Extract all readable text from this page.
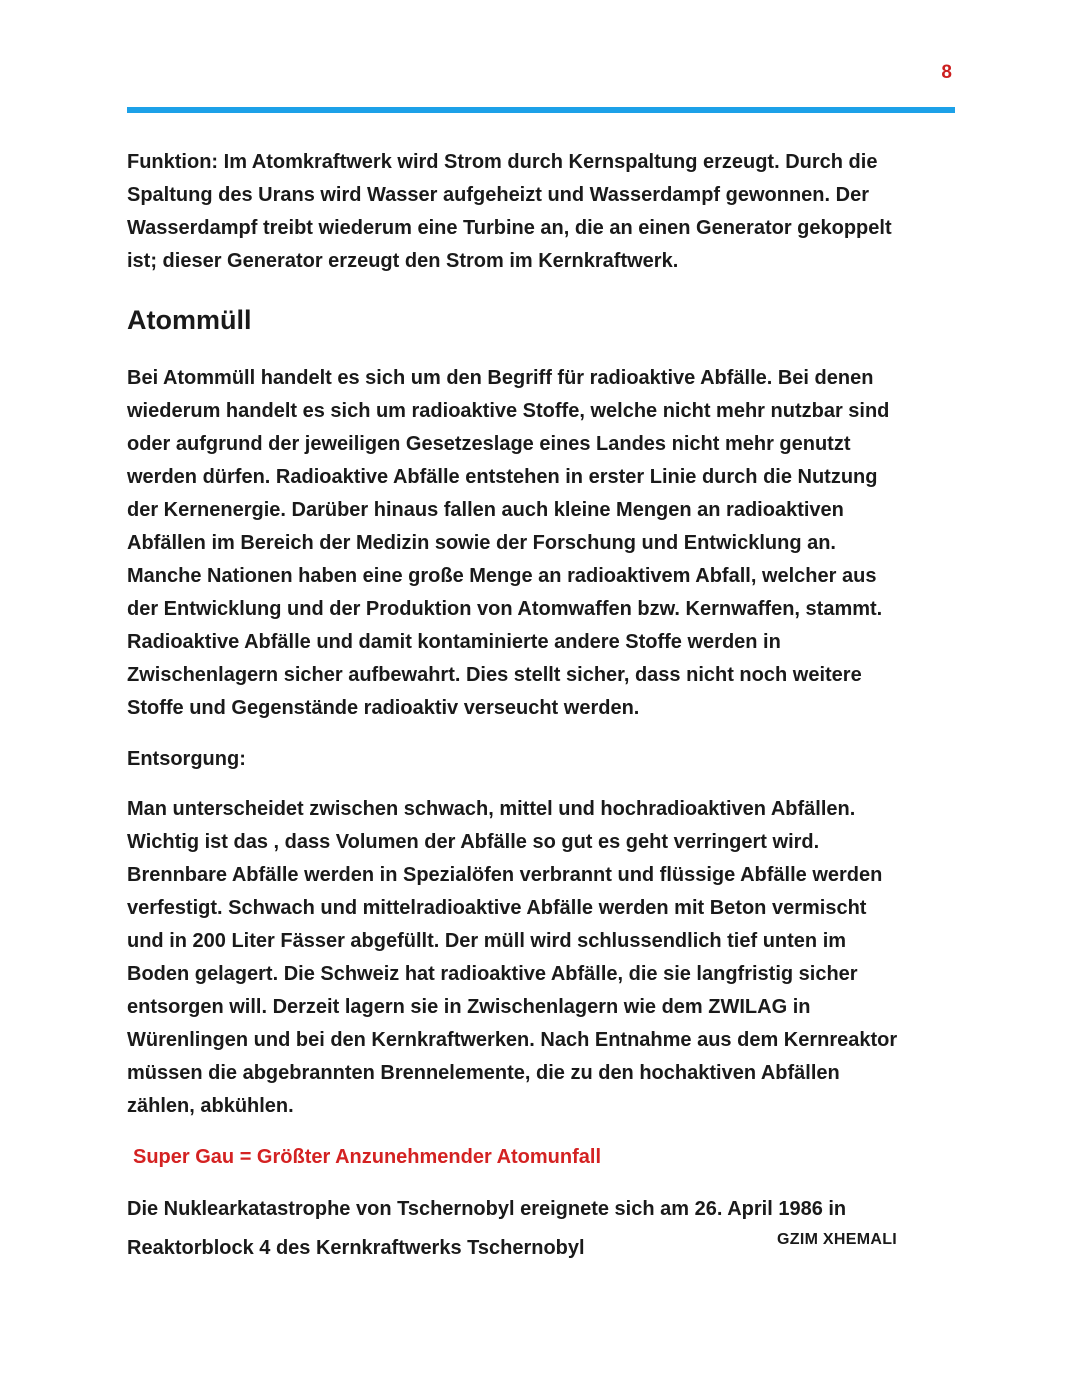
8
Funktion: Im Atomkraftwerk wird Strom durch Kernspaltung erzeugt. Durch die
Spaltung des Urans wird Wasser aufgeheizt und Wasserdampf gewonnen. Der
Wasserdampf treibt wiederum eine Turbine an, die an einen Generator gekoppelt
ist; dieser Generator erzeugt den Strom im Kernkraftwerk.
Atommüll
Bei Atommüll handelt es sich um den Begriff für radioaktive Abfälle. Bei denen
wiederum handelt es sich um radioaktive Stoffe, welche nicht mehr nutzbar sind
oder aufgrund der jeweiligen Gesetzeslage eines Landes nicht mehr genutzt
werden dürfen. Radioaktive Abfälle entstehen in erster Linie durch die Nutzung
der Kernenergie. Darüber hinaus fallen auch kleine Mengen an radioaktiven
Abfällen im Bereich der Medizin sowie der Forschung und Entwicklung an.
Manche Nationen haben eine große Menge an radioaktivem Abfall, welcher aus
der Entwicklung und der Produktion von Atomwaffen bzw. Kernwaffen, stammt.
Radioaktive Abfälle und damit kontaminierte andere Stoffe werden in
Zwischenlagern sicher aufbewahrt. Dies stellt sicher, dass nicht noch weitere
Stoffe und Gegenstände radioaktiv verseucht werden.

Entsorgung:

Man unterscheidet zwischen schwach, mittel und hochradioaktiven Abfällen.
Wichtig ist das , dass Volumen der Abfälle so gut es geht verringert wird.
Brennbare Abfälle werden in Spezialöfen verbrannt und flüssige Abfälle werden
verfestigt. Schwach und mittelradioaktive Abfälle werden mit Beton vermischt
und in 200 Liter Fässer abgefüllt. Der müll wird schlussendlich tief unten im
Boden gelagert. Die Schweiz hat radioaktive Abfälle, die sie langfristig sicher
entsorgen will. Derzeit lagern sie in Zwischenlagern wie dem ZWILAG in
Würenlingen und bei den Kernkraftwerken. Nach Entnahme aus dem Kernreaktor
müssen die abgebrannten Brennelemente, die zu den hochaktiven Abfällen
zählen, abkühlen.

Super Gau = Größter Anzunehmender Atomunfall

Die Nuklearkatastrophe von Tschernobyl ereignete sich am 26. April 1986 in
Reaktorblock 4 des Kernkraftwerks Tschernobyl	GZIM XHEMALI
